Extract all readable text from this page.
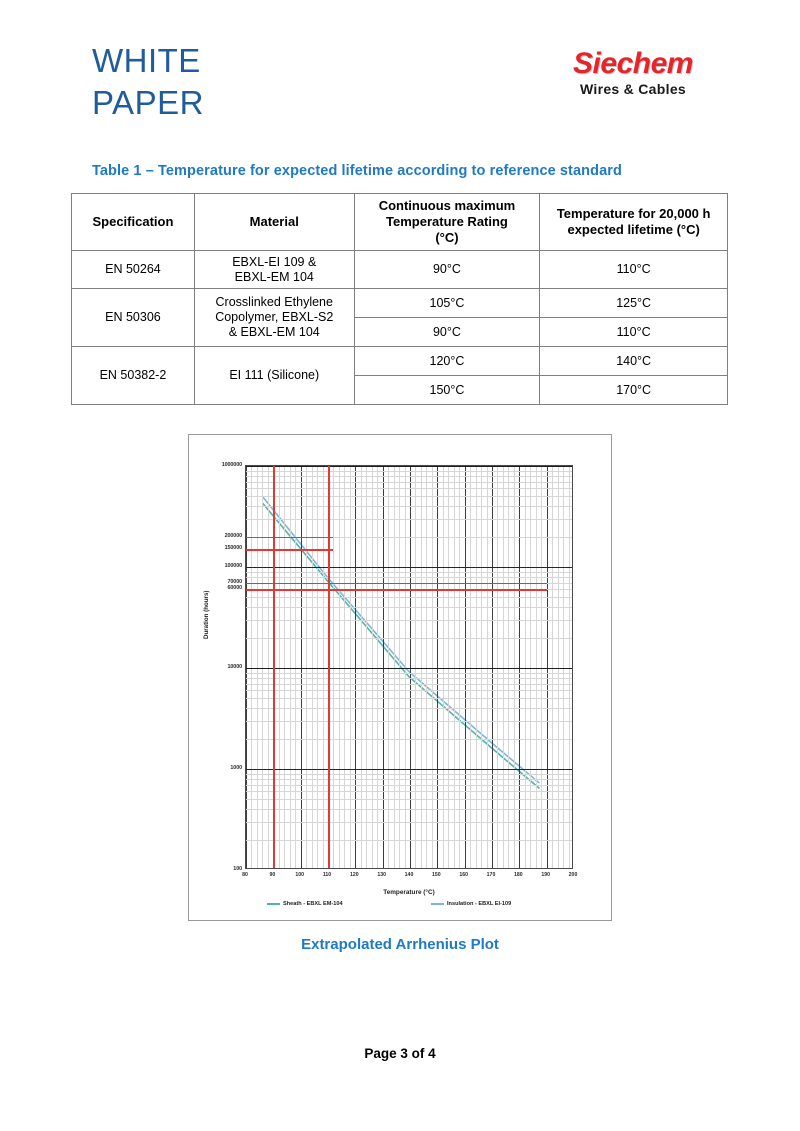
WHITE
PAPER
Siechem
Wires & Cables
Table 1 – Temperature for expected lifetime according to reference standard
Specification	Material	Continuous maximum
Temperature Rating
(°C)	Temperature for 20,000 h
expected lifetime (°C)
EN 50264	EBXL-EI 109 &
EBXL-EM 104	90°C	110°C
EN 50306	Crosslinked Ethylene
Copolymer, EBXL-S2
& EBXL-EM 104	105°C	125°C
		90°C	110°C
EN 50382-2	EI 111 (Silicone)	120°C	140°C
		150°C	170°C
100
1000
10000
100000
1000000
200000
150000
70000
60000
80	90	100	110	120	130	140	150	160	170	180	190	200
Temperature (°C)
Duration (hours)
Sheath - EBXL EM-104	Insulation - EBXL EI-109
Extrapolated Arrhenius Plot
Page 3 of 4
